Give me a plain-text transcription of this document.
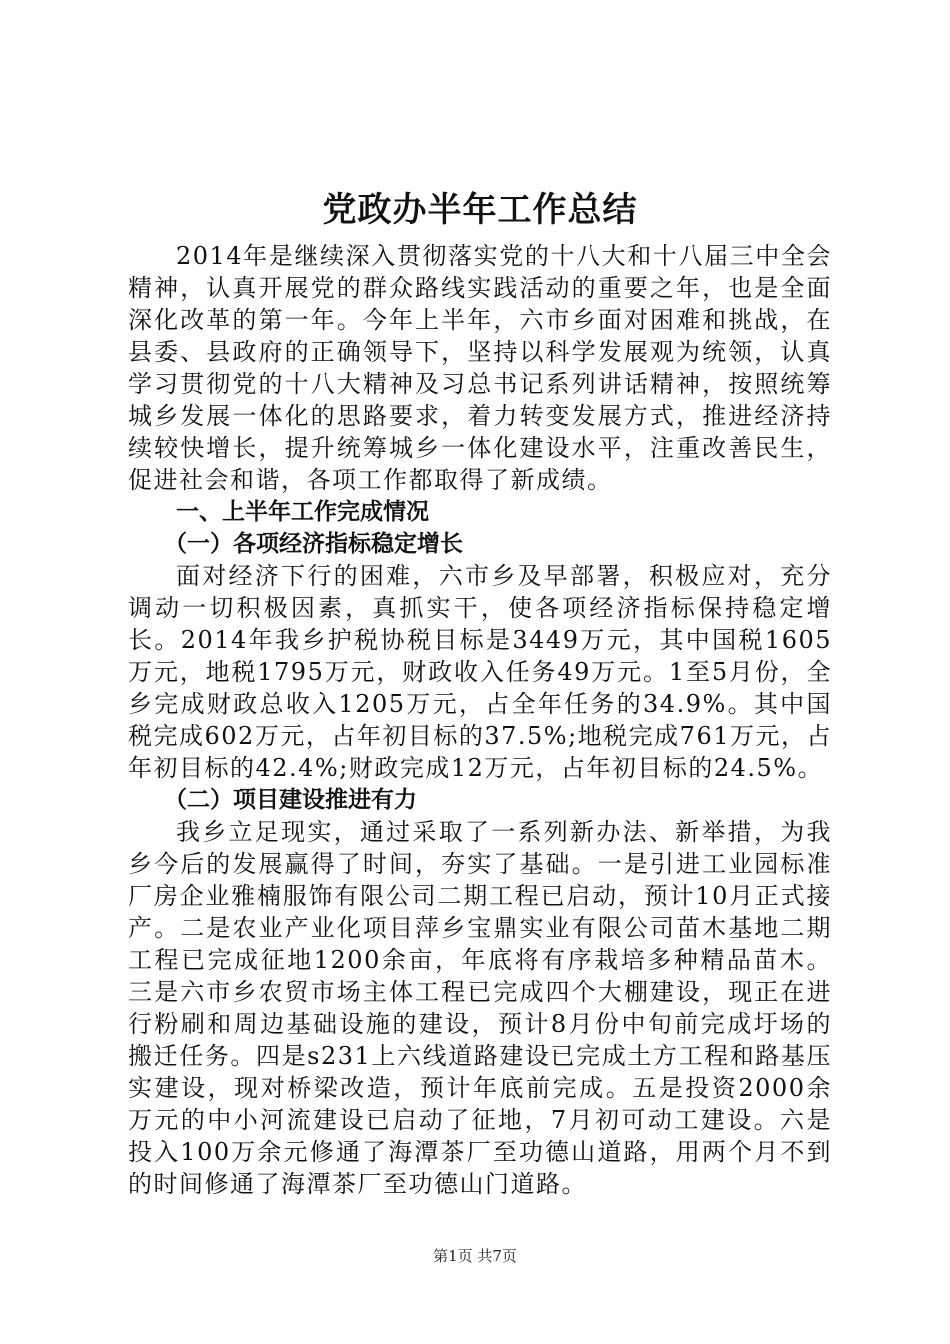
党政办半年工作总结

2014年是继续深入贯彻落实党的十八大和十八届三中全会精神，认真开展党的群众路线实践活动的重要之年，也是全面深化改革的第一年。今年上半年，六市乡面对困难和挑战，在县委、县政府的正确领导下，坚持以科学发展观为统领，认真学习贯彻党的十八大精神及习总书记系列讲话精神，按照统筹城乡发展一体化的思路要求，着力转变发展方式，推进经济持续较快增长，提升统筹城乡一体化建设水平，注重改善民生，促进社会和谐，各项工作都取得了新成绩。

一、上半年工作完成情况
（一）各项经济指标稳定增长

面对经济下行的困难，六市乡及早部署，积极应对，充分调动一切积极因素，真抓实干，使各项经济指标保持稳定增长。2014年我乡护税协税目标是3449万元，其中国税1605万元，地税1795万元，财政收入任务49万元。1至5月份，全乡完成财政总收入1205万元，占全年任务的34.9%。其中国税完成602万元，占年初目标的37.5%;地税完成761万元，占年初目标的42.4%;财政完成12万元，占年初目标的24.5%。

（二）项目建设推进有力

我乡立足现实，通过采取了一系列新办法、新举措，为我乡今后的发展赢得了时间，夯实了基础。一是引进工业园标准厂房企业雅楠服饰有限公司二期工程已启动，预计10月正式接产。二是农业产业化项目萍乡宝鼎实业有限公司苗木基地二期工程已完成征地1200余亩，年底将有序栽培多种精品苗木。三是六市乡农贸市场主体工程已完成四个大棚建设，现正在进行粉刷和周边基础设施的建设，预计8月份中旬前完成圩场的搬迁任务。四是s231上六线道路建设已完成土方工程和路基压实建设，现对桥梁改造，预计年底前完成。五是投资2000余万元的中小河流建设已启动了征地，7月初可动工建设。六是投入100万余元修通了海潭茶厂至功德山道路，用两个月不到的时间修通了海潭茶厂至功德山门道路。

第1页 共7页
